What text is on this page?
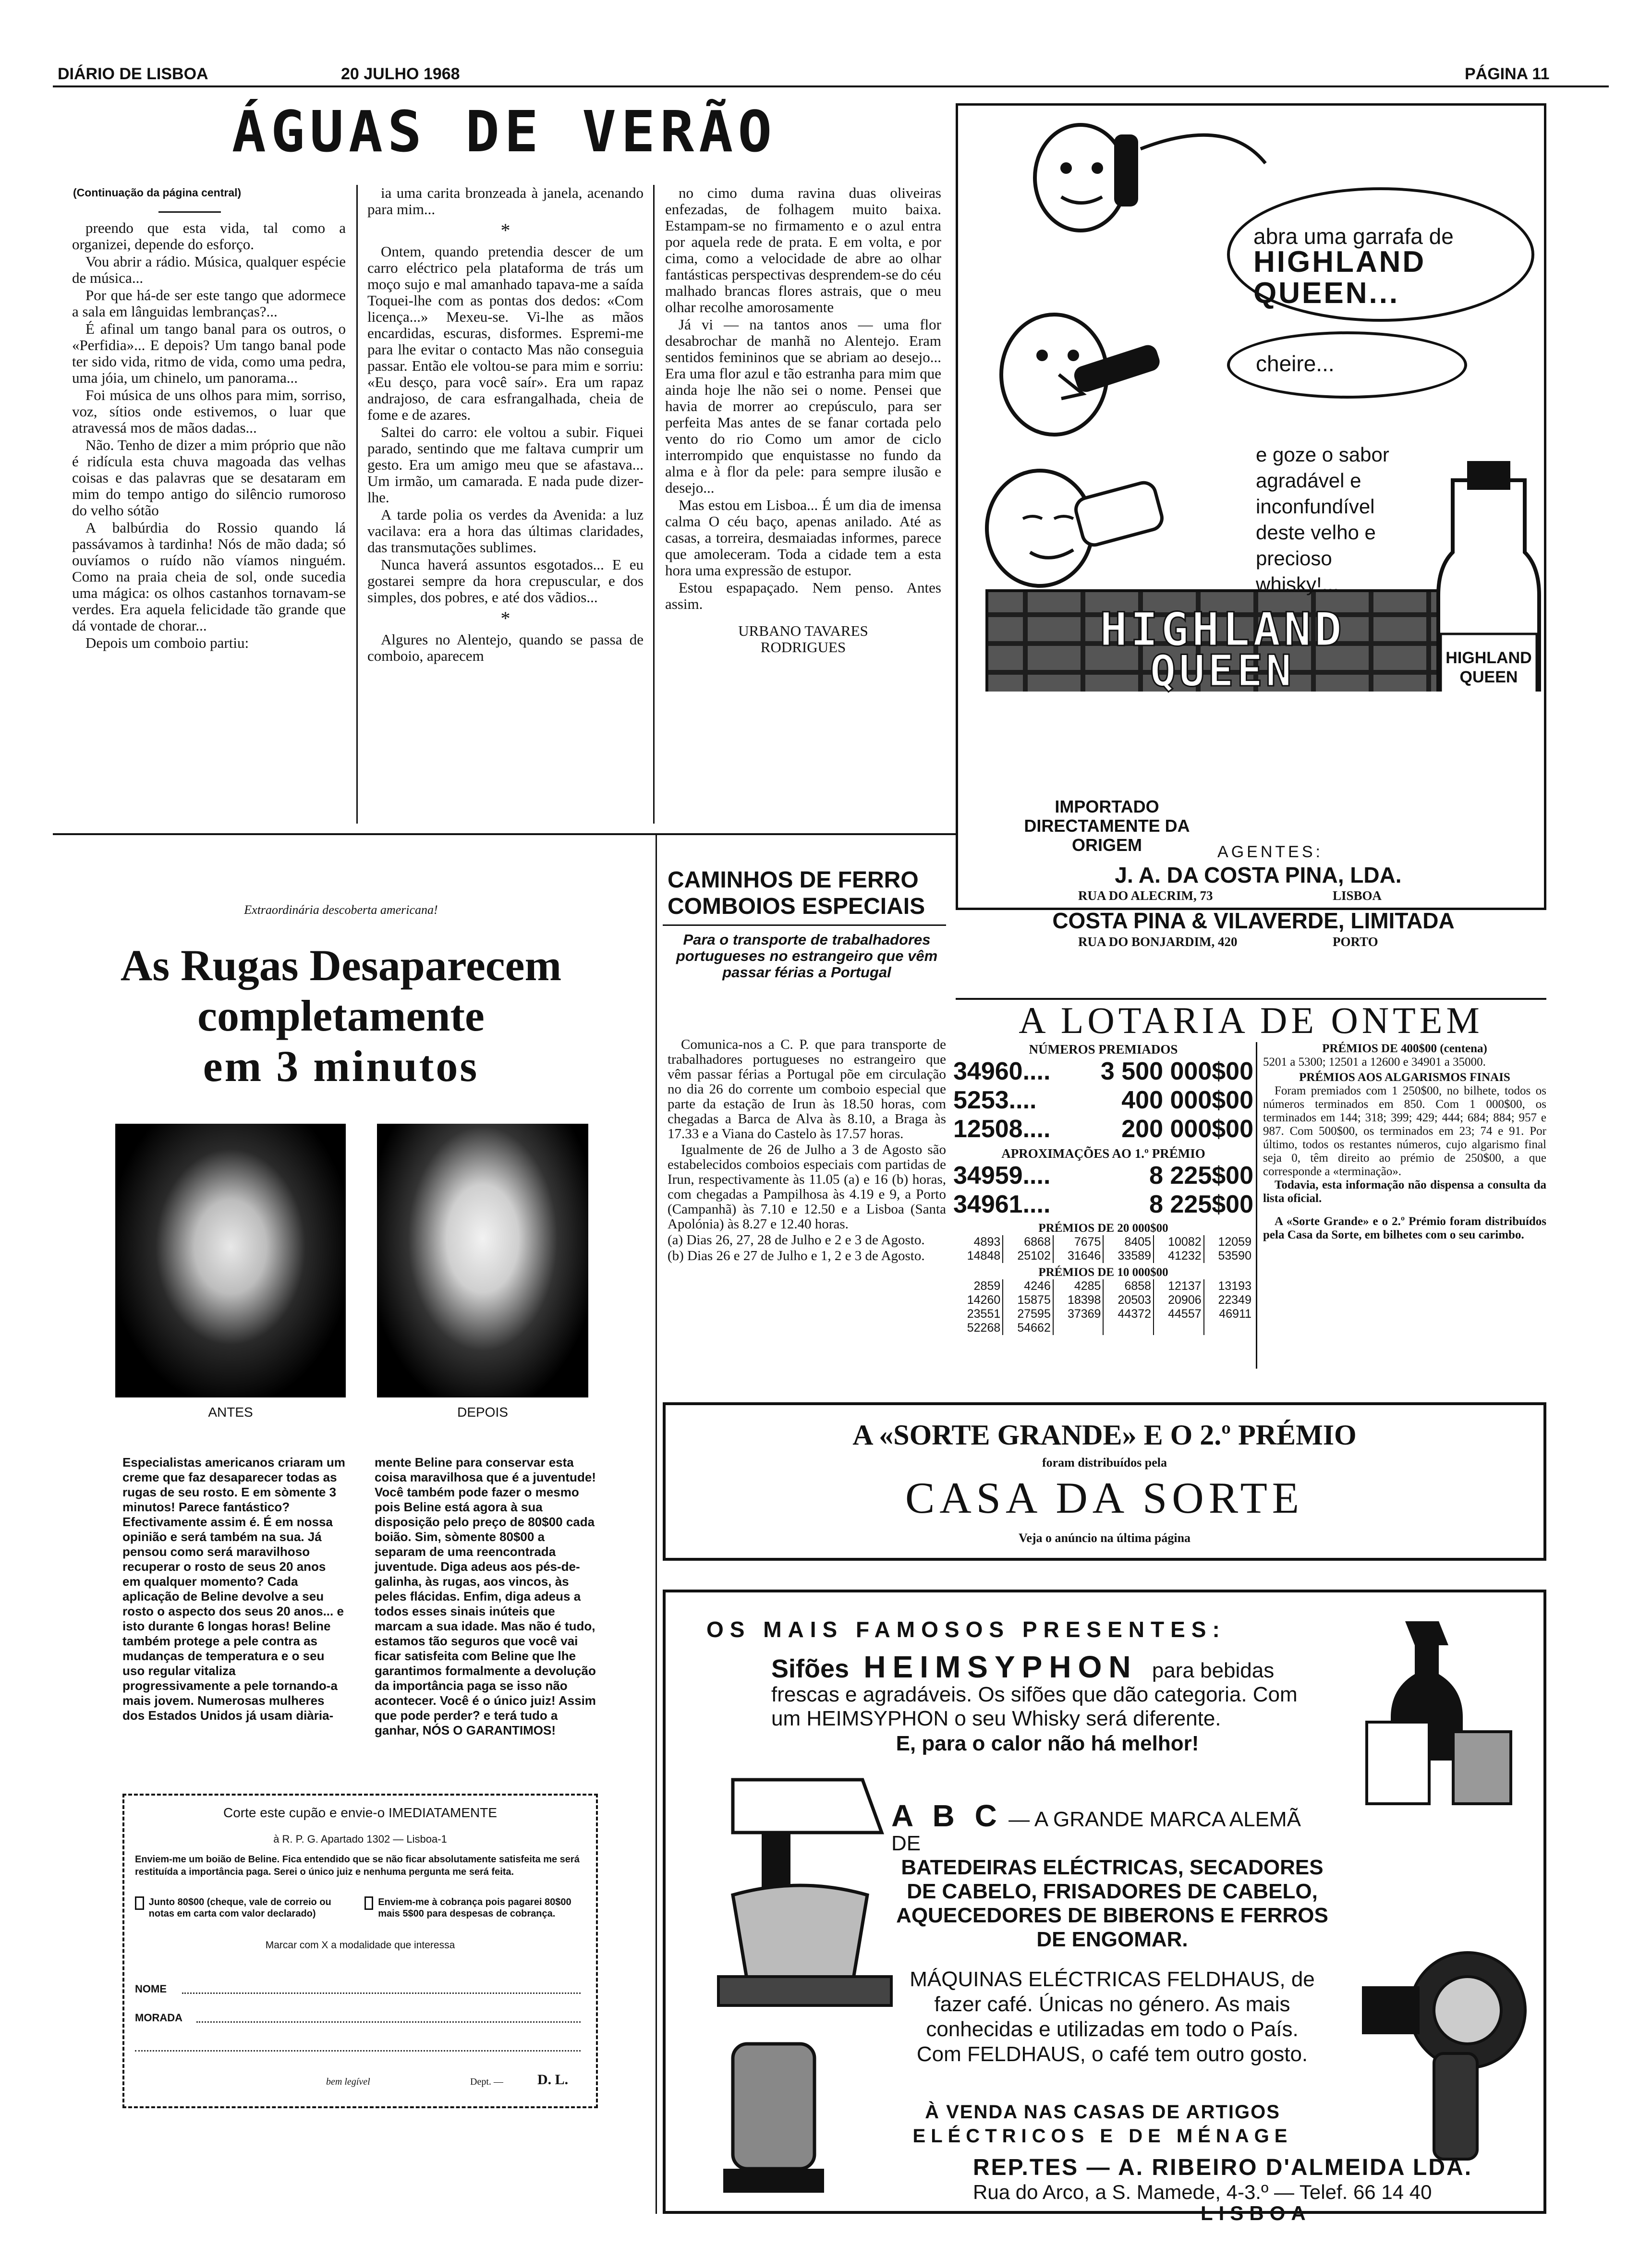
DIÁRIO DE LISBOA	20 JULHO 1968	PÁGINA 11
ÁGUAS DE VERÃO
(Continuação da página central)

preendo que esta vida, tal como a organizei, depende do esforço.

Vou abrir a rádio. Música, qualquer espécie de música...

Por que há-de ser este tango que adormece a sala em lânguidas lembranças?...

É afinal um tango banal para os outros, o «Perfidia»... E depois? Um tango banal pode ter sido vida, ritmo de vida, como uma pedra, uma jóia, um chinelo, um panorama...

Foi música de uns olhos para mim, sorriso, voz, sítios onde estivemos, o luar que atravessá mos de mãos dadas...

Não. Tenho de dizer a mim próprio que não é ridícula esta chuva magoada das velhas coisas e das palavras que se desataram em mim do tempo antigo do silêncio rumoroso do velho sótão

A balbúrdia do Rossio quando lá passávamos à tardinha! Nós de mão dada; só ouvíamos o ruído não víamos ninguém. Como na praia cheia de sol, onde sucedia uma mágica: os olhos castanhos tornavam-se verdes. Era aquela felicidade tão grande que dá vontade de chorar...

Depois um comboio partiu:

ia uma carita bronzeada à janela, acenando para mim...

*

Ontem, quando pretendia descer de um carro eléctrico pela plataforma de trás um moço sujo e mal amanhado tapava-me a saída Toquei-lhe com as pontas dos dedos: «Com licença...» Mexeu-se. Vi-lhe as mãos encardidas, escuras, disformes. Espremi-me para lhe evitar o contacto Mas não conseguia passar. Então ele voltou-se para mim e sorriu: «Eu desço, para você saír». Era um rapaz andrajoso, de cara esfrangalhada, cheia de fome e de azares.

Saltei do carro: ele voltou a subir. Fiquei parado, sentindo que me faltava cumprir um gesto. Era um amigo meu que se afastava... Um irmão, um camarada. E nada pude dizer-lhe.

A tarde polia os verdes da Avenida: a luz vacilava: era a hora das últimas claridades, das transmutações sublimes.

Nunca haverá assuntos esgotados... E eu gostarei sempre da hora crepuscular, e dos simples, dos pobres, e até dos vãdios...

*

Algures no Alentejo, quando se passa de comboio, aparecem

no cimo duma ravina duas oliveiras enfezadas, de folhagem muito baixa. Estampam-se no firmamento e o azul entra por aquela rede de prata. E em volta, e por cima, como a velocidade de abre ao olhar fantásticas perspectivas desprendem-se do céu malhado brancas flores astrais, que o meu olhar recolhe amorosamente

Já vi — na tantos anos — uma flor desabrochar de manhã no Alentejo. Eram sentidos femininos que se abriam ao desejo... Era uma flor azul e tão estranha para mim que ainda hoje lhe não sei o nome. Pensei que havia de morrer ao crepúsculo, para ser perfeita Mas antes de se fanar cortada pelo vento do rio Como um amor de ciclo interrompido que enquistasse no fundo da alma e à flor da pele: para sempre ilusão e desejo...

Mas estou em Lisboa... É um dia de imensa calma O céu baço, apenas anilado. Até as casas, a torreira, desmaiadas informes, parece que amoleceram. Toda a cidade tem a esta hora uma expressão de estupor.

Estou espapaçado. Nem penso. Antes assim.

URBANO TAVARES RODRIGUES

abra uma garrafa de
HIGHLAND
QUEEN...
cheire...
e goze o sabor agradável e inconfundível deste velho e precioso whisky!...
HIGHLAND
QUEEN	HIGHLAND QUEEN
IMPORTADO DIRECTAMENTE DA ORIGEM	AGENTES:
J. A. DA COSTA PINA, LDA.
RUA DO ALECRIM, 73	LISBOA
COSTA PINA & VILAVERDE, LIMITADA
RUA DO BONJARDIM, 420	PORTO
Extraordinária descoberta americana!
As Rugas Desaparecem
completamente
em 3 minutos
ANTES	DEPOIS
Especialistas americanos criaram um creme que faz desaparecer todas as rugas de seu rosto. E em sòmente 3 minutos! Parece fantástico? Efectivamente assim é. É em nossa opinião e será também na sua. Já pensou como será maravilhoso recuperar o rosto de seus 20 anos em qualquer momento? Cada aplicação de Beline devolve a seu rosto o aspecto dos seus 20 anos... e isto durante 6 longas horas! Beline também protege a pele contra as mudanças de temperatura e o seu uso regular vitaliza progressivamente a pele tornando-a mais jovem. Numerosas mulheres dos Estados Unidos já usam diària-
mente Beline para conservar esta coisa maravilhosa que é a juventude! Você também pode fazer o mesmo pois Beline está agora à sua disposição pelo preço de 80$00 cada boião. Sim, sòmente 80$00 a separam de uma reencontrada juventude. Diga adeus aos pés-de-galinha, às rugas, aos vincos, às peles flácidas. Enfim, diga adeus a todos esses sinais inúteis que marcam a sua idade. Mas não é tudo, estamos tão seguros que você vai ficar satisfeita com Beline que lhe garantimos formalmente a devolução da importância paga se isso não acontecer. Você é o único juiz! Assim que pode perder? e terá tudo a ganhar, NÓS O GARANTIMOS!
Corte este cupão e envie-o IMEDIATAMENTE
à R. P. G. Apartado 1302 — Lisboa-1
Enviem-me um boião de Beline. Fica entendido que se não ficar absolutamente satisfeita me será restituída a importância paga. Serei o único juiz e nenhuma pergunta me será feita.
Junto 80$00 (cheque, vale de correio ou notas em carta com valor declarado)
Enviem-me à cobrança pois pagarei 80$00 mais 5$00 para despesas de cobrança.
Marcar com X a modalidade que interessa
NOME
MORADA
bem legível	Dept. — D. L.
CAMINHOS DE FERRO
COMBOIOS ESPECIAIS
Para o transporte de trabalhadores portugueses no estrangeiro que vêm passar férias a Portugal

Comunica-nos a C. P. que para transporte de trabalhadores portugueses no estrangeiro que vêm passar férias a Portugal põe em circulação no dia 26 do corrente um comboio especial que parte da estação de Irun às 18.50 horas, com chegadas a Barca de Alva às 8.10, a Braga às 17.33 e a Viana do Castelo às 17.57 horas.

Igualmente de 26 de Julho a 3 de Agosto são estabelecidos comboios especiais com partidas de Irun, respectivamente às 11.05 (a) e 16 (b) horas, com chegadas a Pampilhosa às 4.19 e 9, a Porto (Campanhã) às 7.10 e 12.50 e a Lisboa (Santa Apolónia) às 8.27 e 12.40 horas.

(a) Dias 26, 27, 28 de Julho e 2 e 3 de Agosto.

(b) Dias 26 e 27 de Julho e 1, 2 e 3 de Agosto.

A LOTARIA DE ONTEM
NÚMEROS PREMIADOS
34960.... 3 500 000$00
5253....	400 000$00
12508....	200 000$00
APROXIMAÇÕES AO 1.º PRÉMIO
34959....	8 225$00
34961....	8 225$00
PRÉMIOS DE 20 000$00
4893	6868	7675	8405	10082	12059
14848	25102	31646	33589	41232	53590
PRÉMIOS DE 10 000$00
2859	4246	4285	6858	12137	13193
14260	15875	18398	20503	20906	22349
23551	27595	37369	44372	44557	46911
52268	54662				
PRÉMIOS DE 400$00 (centena)
5201 a 5300; 12501 a 12600 e 34901 a 35000.
PRÉMIOS AOS ALGARISMOS FINAIS
Foram premiados com 1 250$00, no bilhete, todos os números terminados em 850. Com 1 000$00, os terminados em 144; 318; 399; 429; 444; 684; 884; 957 e 987. Com 500$00, os terminados em 23; 74 e 91. Por último, todos os restantes números, cujo algarismo final seja 0, têm direito ao prémio de 250$00, a que corresponde a «terminação».
Todavia, esta informação não dispensa a consulta da lista oficial.
A «Sorte Grande» e o 2.º Prémio foram distribuídos pela Casa da Sorte, em bilhetes com o seu carimbo.
A «SORTE GRANDE» E O 2.º PRÉMIO
foram distribuídos pela
CASA DA SORTE
Veja o anúncio na última página
OS MAIS FAMOSOS PRESENTES:
Sifões HEIMSYPHON para bebidas frescas e agradáveis. Os sifões que dão categoria. Com um HEIMSYPHON o seu Whisky será diferente.
E, para o calor não há melhor!
A B C — A GRANDE MARCA ALEMÃ DE
BATEDEIRAS ELÉCTRICAS, SECADORES DE CABELO, FRISADORES DE CABELO, AQUECEDORES DE BIBERONS E FERROS DE ENGOMAR.
MÁQUINAS ELÉCTRICAS FELDHAUS, de fazer café. Únicas no género. As mais conhecidas e utilizadas em todo o País. Com FELDHAUS, o café tem outro gosto.
À VENDA NAS CASAS DE ARTIGOS
ELÉCTRICOS E DE MÉNAGE
REP.TES — A. RIBEIRO D'ALMEIDA LDA.
Rua do Arco, a S. Mamede, 4-3.º — Telef. 66 14 40
LISBOA
